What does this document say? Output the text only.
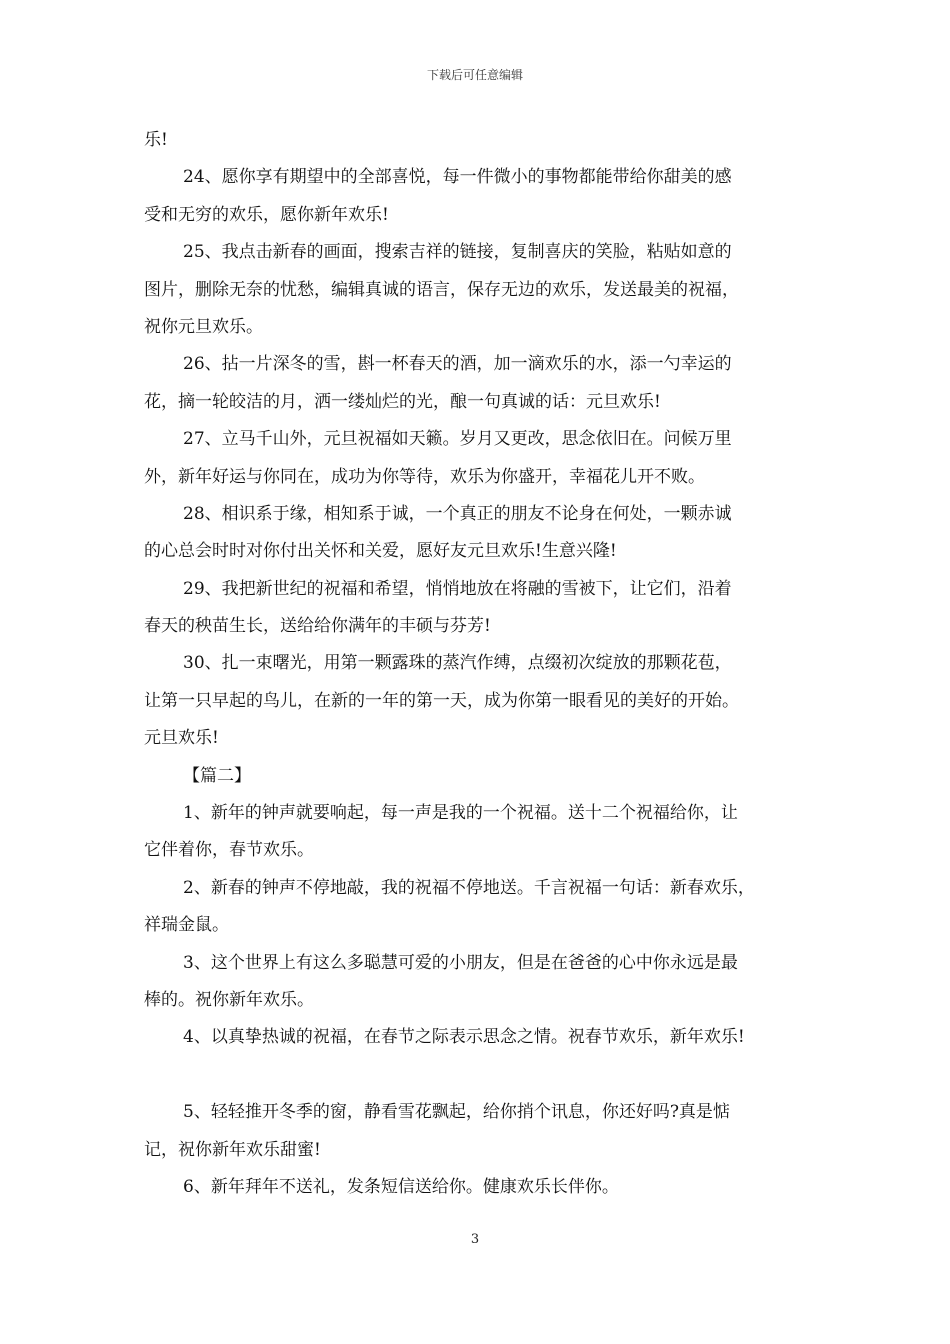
下载后可任意编辑
乐!
24、愿你享有期望中的全部喜悦，每一件微小的事物都能带给你甜美的感
受和无穷的欢乐，愿你新年欢乐!
25、我点击新春的画面，搜索吉祥的链接，复制喜庆的笑脸，粘贴如意的
图片，删除无奈的忧愁，编辑真诚的语言，保存无边的欢乐，发送最美的祝福，
祝你元旦欢乐。
26、拈一片深冬的雪，斟一杯春天的酒，加一滴欢乐的水，添一勺幸运的
花，摘一轮皎洁的月，洒一缕灿烂的光，酿一句真诚的话：元旦欢乐!
27、立马千山外，元旦祝福如天籁。岁月又更改，思念依旧在。问候万里
外，新年好运与你同在，成功为你等待，欢乐为你盛开，幸福花儿开不败。
28、相识系于缘，相知系于诚，一个真正的朋友不论身在何处，一颗赤诚
的心总会时时对你付出关怀和关爱，愿好友元旦欢乐!生意兴隆!
29、我把新世纪的祝福和希望，悄悄地放在将融的雪被下，让它们，沿着
春天的秧苗生长，送给给你满年的丰硕与芬芳!
30、扎一束曙光，用第一颗露珠的蒸汽作缚，点缀初次绽放的那颗花苞，
让第一只早起的鸟儿，在新的一年的第一天，成为你第一眼看见的美好的开始。
元旦欢乐!
【篇二】
1、新年的钟声就要响起，每一声是我的一个祝福。送十二个祝福给你，让
它伴着你，春节欢乐。
2、新春的钟声不停地敲，我的祝福不停地送。千言祝福一句话：新春欢乐，
祥瑞金鼠。
3、这个世界上有这么多聪慧可爱的小朋友，但是在爸爸的心中你永远是最
棒的。祝你新年欢乐。
4、以真挚热诚的祝福，在春节之际表示思念之情。祝春节欢乐，新年欢乐!
5、轻轻推开冬季的窗，静看雪花飘起，给你捎个讯息，你还好吗?真是惦
记，祝你新年欢乐甜蜜!
6、新年拜年不送礼，发条短信送给你。健康欢乐长伴你。
3
